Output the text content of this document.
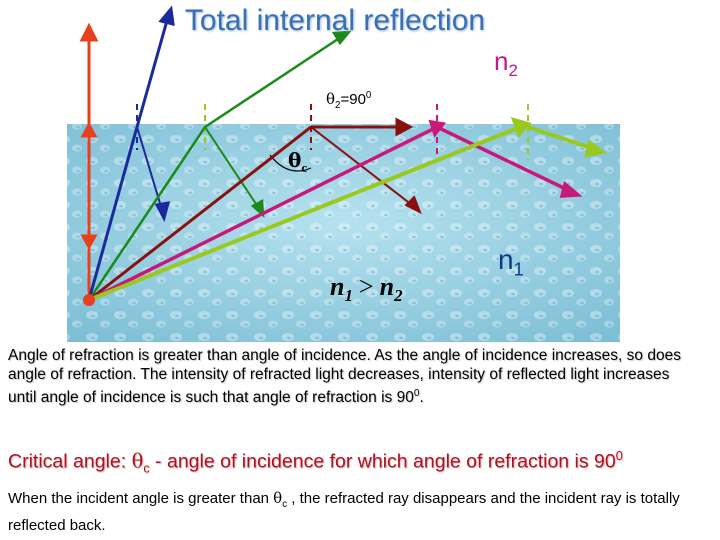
Total internal reflection
$n_2$
$\theta_2=90^0$
$\theta_c$
$n_1$
$n_1 > n_2$
Angle of refraction is greater than angle of incidence. As the angle of incidence increases, so does angle of refraction. The intensity of refracted light decreases, intensity of reflected light increases until angle of incidence is such that angle of refraction is $90^0$.
Critical angle: $\theta_c$ - angle of incidence for which angle of refraction is $90^0$
When the incident angle is greater than $\theta_c$ , the refracted ray disappears and the incident ray is totally reflected back.
